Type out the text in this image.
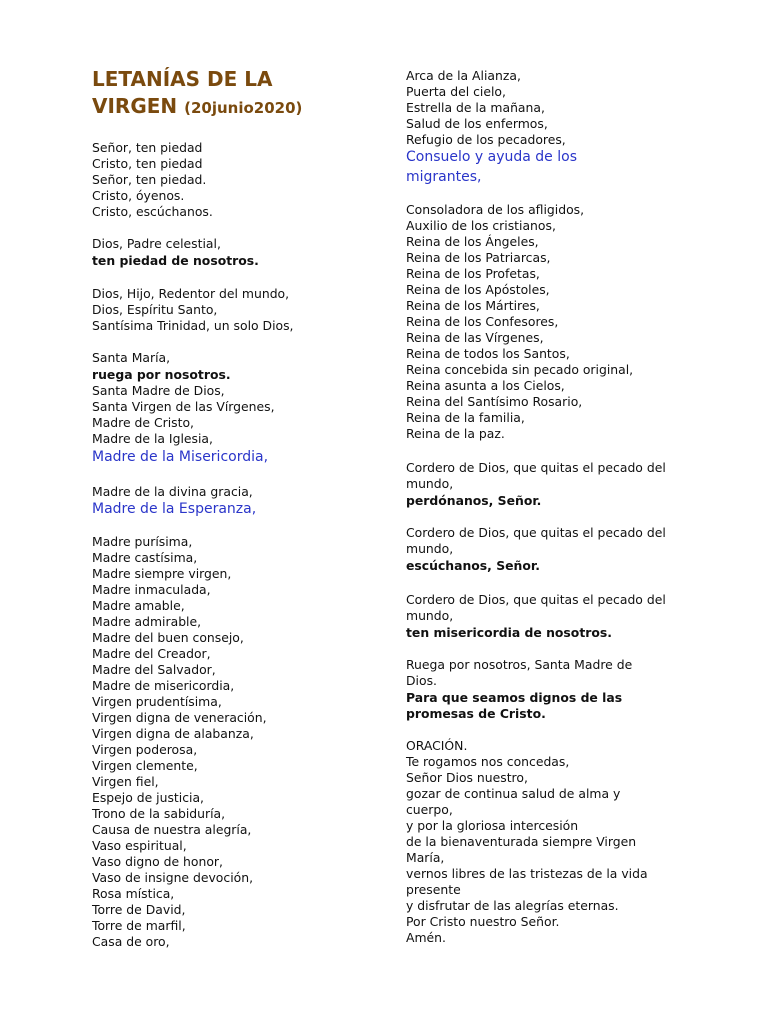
LETANÍAS DE LA
VIRGEN (20junio2020)
Señor, ten piedad
Cristo, ten piedad
Señor, ten piedad.
Cristo, óyenos.
Cristo, escúchanos.
Dios, Padre celestial,
ten piedad de nosotros.
Dios, Hijo, Redentor del mundo,
Dios, Espíritu Santo,
Santísima Trinidad, un solo Dios,
Santa María,
ruega por nosotros.
Santa Madre de Dios,
Santa Virgen de las Vírgenes,
Madre de Cristo,
Madre de la Iglesia,
Madre de la Misericordia,
Madre de la divina gracia,
Madre de la Esperanza,
Madre purísima,
Madre castísima,
Madre siempre virgen,
Madre inmaculada,
Madre amable,
Madre admirable,
Madre del buen consejo,
Madre del Creador,
Madre del Salvador,
Madre de misericordia,
Virgen prudentísima,
Virgen digna de veneración,
Virgen digna de alabanza,
Virgen poderosa,
Virgen clemente,
Virgen fiel,
Espejo de justicia,
Trono de la sabiduría,
Causa de nuestra alegría,
Vaso espiritual,
Vaso digno de honor,
Vaso de insigne devoción,
Rosa mística,
Torre de David,
Torre de marfil,
Casa de oro,
Arca de la Alianza,
Puerta del cielo,
Estrella de la mañana,
Salud de los enfermos,
Refugio de los pecadores,
Consuelo y ayuda de los
migrantes,
Consoladora de los afligidos,
Auxilio de los cristianos,
Reina de los Ángeles,
Reina de los Patriarcas,
Reina de los Profetas,
Reina de los Apóstoles,
Reina de los Mártires,
Reina de los Confesores,
Reina de las Vírgenes,
Reina de todos los Santos,
Reina concebida sin pecado original,
Reina asunta a los Cielos,
Reina del Santísimo Rosario,
Reina de la familia,
Reina de la paz.
Cordero de Dios, que quitas el pecado del
mundo,
perdónanos, Señor.
Cordero de Dios, que quitas el pecado del
mundo,
escúchanos, Señor.
Cordero de Dios, que quitas el pecado del
mundo,
ten misericordia de nosotros.
Ruega por nosotros, Santa Madre de
Dios.
Para que seamos dignos de las
promesas de Cristo.
ORACIÓN.
Te rogamos nos concedas,
Señor Dios nuestro,
gozar de continua salud de alma y
cuerpo,
y por la gloriosa intercesión
de la bienaventurada siempre Virgen
María,
vernos libres de las tristezas de la vida
presente
y disfrutar de las alegrías eternas.
Por Cristo nuestro Señor.
Amén.
